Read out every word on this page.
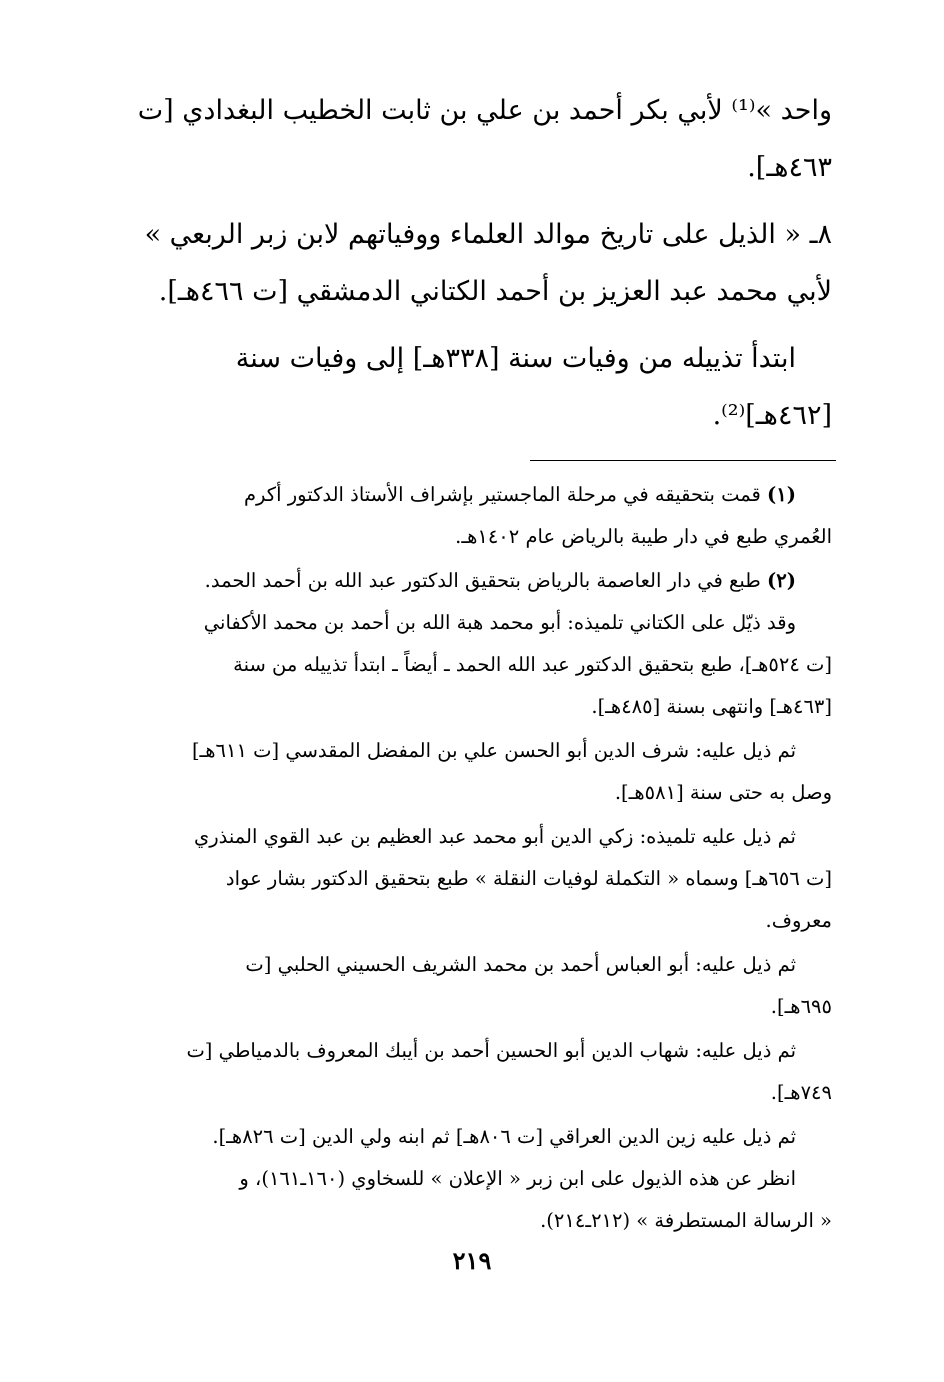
واحد »⁽¹⁾ لأبي بكر أحمد بن علي بن ثابت الخطيب البغدادي [ت
٤٦٣هـ].

٨ـ « الذيل على تاريخ موالد العلماء ووفياتهم لابن زبر الربعي »
لأبي محمد عبد العزيز بن أحمد الكتاني الدمشقي [ت ٤٦٦هـ].

ابتدأ تذييله من وفيات سنة [٣٣٨هـ] إلى وفيات سنة
[٤٦٢هـ]⁽²⁾.

(١) قمت بتحقيقه في مرحلة الماجستير بإشراف الأستاذ الدكتور أكرم
العُمري طبع في دار طيبة بالرياض عام ١٤٠٢هـ.

(٢) طبع في دار العاصمة بالرياض بتحقيق الدكتور عبد الله بن أحمد الحمد.
وقد ذيّل على الكتاني تلميذه: أبو محمد هبة الله بن أحمد بن محمد الأكفاني
[ت ٥٢٤هـ]، طبع بتحقيق الدكتور عبد الله الحمد ـ أيضاً ـ ابتدأ تذييله من سنة
[٤٦٣هـ] وانتهى بسنة [٤٨٥هـ].

ثم ذيل عليه: شرف الدين أبو الحسن علي بن المفضل المقدسي [ت ٦١١هـ]
وصل به حتى سنة [٥٨١هـ].

ثم ذيل عليه تلميذه: زكي الدين أبو محمد عبد العظيم بن عبد القوي المنذري
[ت ٦٥٦هـ] وسماه « التكملة لوفيات النقلة » طبع بتحقيق الدكتور بشار عواد
معروف.

ثم ذيل عليه: أبو العباس أحمد بن محمد الشريف الحسيني الحلبي [ت
٦٩٥هـ].

ثم ذيل عليه: شهاب الدين أبو الحسين أحمد بن أيبك المعروف بالدمياطي [ت
٧٤٩هـ].

ثم ذيل عليه زين الدين العراقي [ت ٨٠٦هـ] ثم ابنه ولي الدين [ت ٨٢٦هـ].
انظر عن هذه الذيول على ابن زبر « الإعلان » للسخاوي (١٦٠ـ١٦١)، و
« الرسالة المستطرفة » (٢١٢ـ٢١٤).

٢١٩
